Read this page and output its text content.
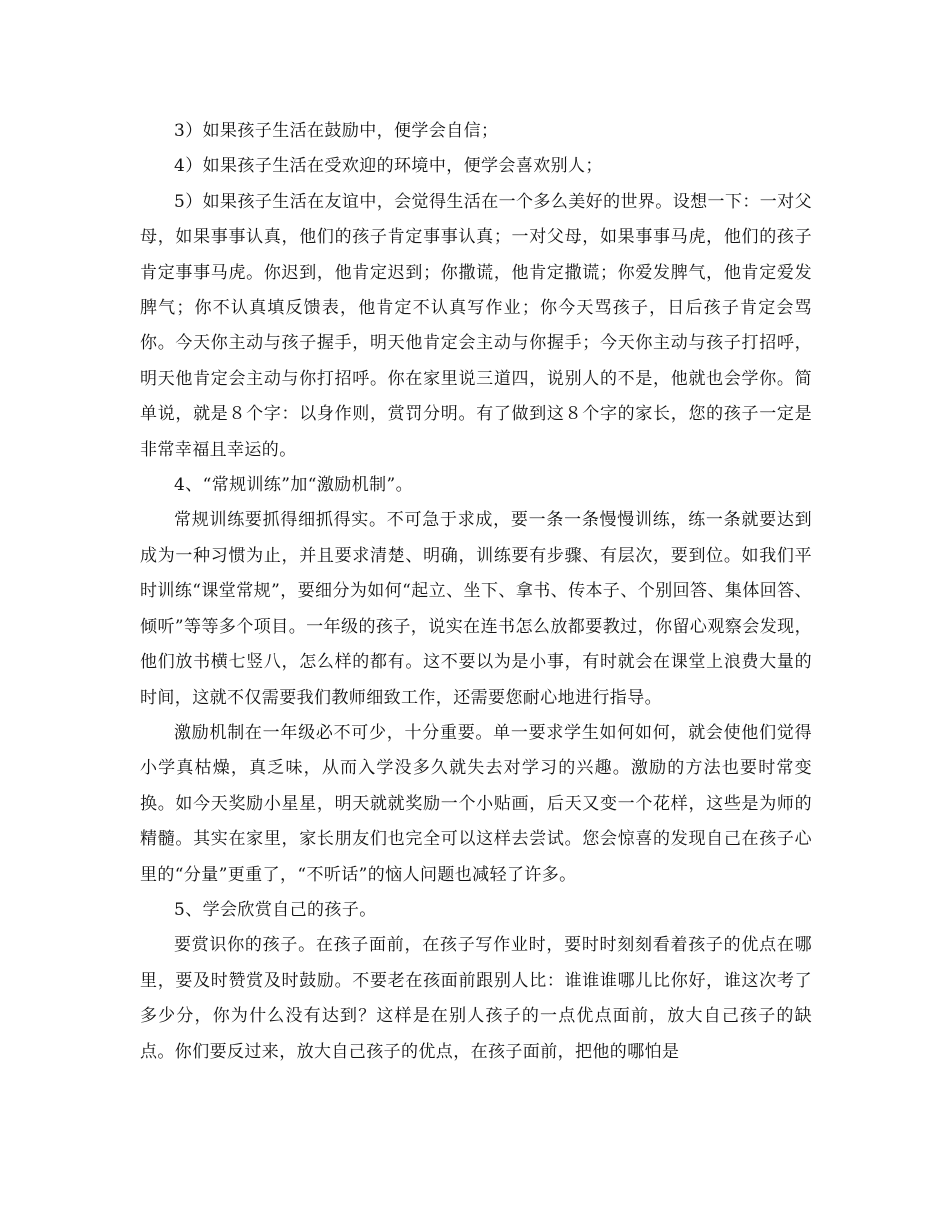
3）如果孩子生活在鼓励中，便学会自信；

4）如果孩子生活在受欢迎的环境中，便学会喜欢别人；

5）如果孩子生活在友谊中，会觉得生活在一个多么美好的世界。设想一下：一对父母，如果事事认真，他们的孩子肯定事事认真；一对父母，如果事事马虎，他们的孩子肯定事事马虎。你迟到，他肯定迟到；你撒谎，他肯定撒谎；你爱发脾气，他肯定爱发脾气；你不认真填反馈表，他肯定不认真写作业；你今天骂孩子，日后孩子肯定会骂你。今天你主动与孩子握手，明天他肯定会主动与你握手；今天你主动与孩子打招呼，明天他肯定会主动与你打招呼。你在家里说三道四，说别人的不是，他就也会学你。简单说，就是８个字：以身作则，赏罚分明。有了做到这８个字的家长，您的孩子一定是非常幸福且幸运的。

4、“常规训练”加“激励机制”。

常规训练要抓得细抓得实。不可急于求成，要一条一条慢慢训练，练一条就要达到成为一种习惯为止，并且要求清楚、明确，训练要有步骤、有层次，要到位。如我们平时训练“课堂常规”，要细分为如何“起立、坐下、拿书、传本子、个别回答、集体回答、倾听”等等多个项目。一年级的孩子，说实在连书怎么放都要教过，你留心观察会发现，他们放书横七竖八，怎么样的都有。这不要以为是小事，有时就会在课堂上浪费大量的时间，这就不仅需要我们教师细致工作，还需要您耐心地进行指导。

激励机制在一年级必不可少，十分重要。单一要求学生如何如何，就会使他们觉得小学真枯燥，真乏味，从而入学没多久就失去对学习的兴趣。激励的方法也要时常变换。如今天奖励小星星，明天就就奖励一个小贴画，后天又变一个花样，这些是为师的精髓。其实在家里，家长朋友们也完全可以这样去尝试。您会惊喜的发现自己在孩子心里的“分量”更重了，“不听话”的恼人问题也减轻了许多。

5、学会欣赏自己的孩子。

要赏识你的孩子。在孩子面前，在孩子写作业时，要时时刻刻看着孩子的优点在哪里，要及时赞赏及时鼓励。不要老在孩面前跟别人比：谁谁谁哪儿比你好，谁这次考了多少分，你为什么没有达到？这样是在别人孩子的一点优点面前，放大自己孩子的缺点。你们要反过来，放大自己孩子的优点，在孩子面前，把他的哪怕是
